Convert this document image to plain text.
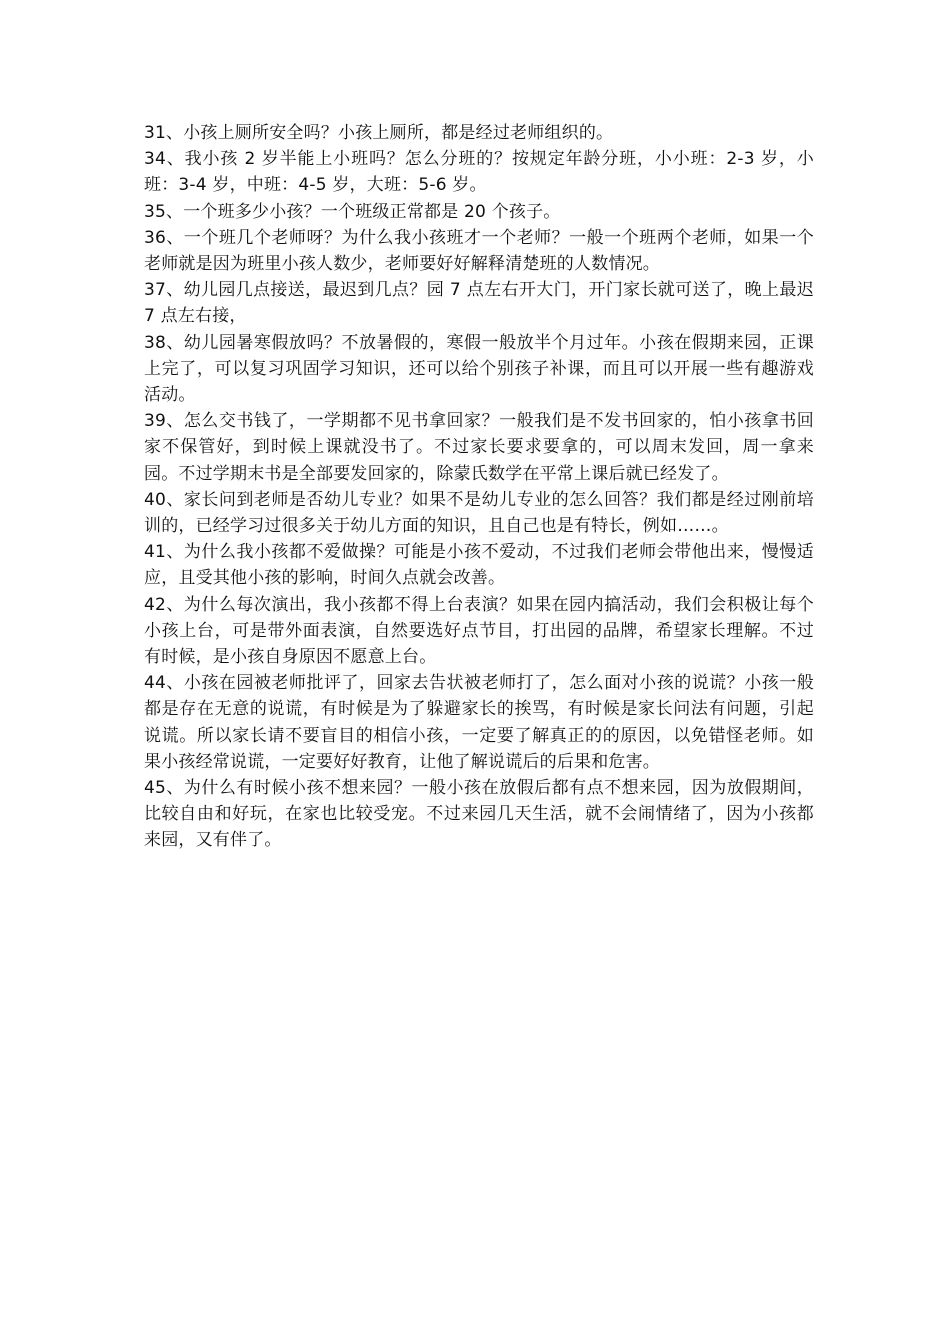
31、小孩上厕所安全吗？小孩上厕所，都是经过老师组织的。

34、我小孩 2 岁半能上小班吗？怎么分班的？按规定年龄分班，小小班：2-3 岁，小班：3-4 岁，中班：4-5 岁，大班：5-6 岁。

35、一个班多少小孩？一个班级正常都是 20 个孩子。

36、一个班几个老师呀？为什么我小孩班才一个老师？一般一个班两个老师，如果一个老师就是因为班里小孩人数少，老师要好好解释清楚班的人数情况。

37、幼儿园几点接送，最迟到几点？园 7 点左右开大门，开门家长就可送了，晚上最迟 7 点左右接，

38、幼儿园暑寒假放吗？不放暑假的，寒假一般放半个月过年。小孩在假期来园，正课上完了，可以复习巩固学习知识，还可以给个别孩子补课，而且可以开展一些有趣游戏活动。

39、怎么交书钱了，一学期都不见书拿回家？一般我们是不发书回家的，怕小孩拿书回家不保管好，到时候上课就没书了。不过家长要求要拿的，可以周末发回，周一拿来园。不过学期末书是全部要发回家的，除蒙氏数学在平常上课后就已经发了。

40、家长问到老师是否幼儿专业？如果不是幼儿专业的怎么回答？我们都是经过刚前培训的，已经学习过很多关于幼儿方面的知识，且自己也是有特长，例如……。

41、为什么我小孩都不爱做操？可能是小孩不爱动，不过我们老师会带他出来，慢慢适应，且受其他小孩的影响，时间久点就会改善。

42、为什么每次演出，我小孩都不得上台表演？如果在园内搞活动，我们会积极让每个小孩上台，可是带外面表演，自然要选好点节目，打出园的品牌，希望家长理解。不过有时候，是小孩自身原因不愿意上台。

44、小孩在园被老师批评了，回家去告状被老师打了，怎么面对小孩的说谎？小孩一般都是存在无意的说谎，有时候是为了躲避家长的挨骂，有时候是家长问法有问题，引起说谎。所以家长请不要盲目的相信小孩，一定要了解真正的的原因，以免错怪老师。如果小孩经常说谎，一定要好好教育，让他了解说谎后的后果和危害。

45、为什么有时候小孩不想来园？一般小孩在放假后都有点不想来园，因为放假期间，比较自由和好玩，在家也比较受宠。不过来园几天生活，就不会闹情绪了，因为小孩都来园，又有伴了。
